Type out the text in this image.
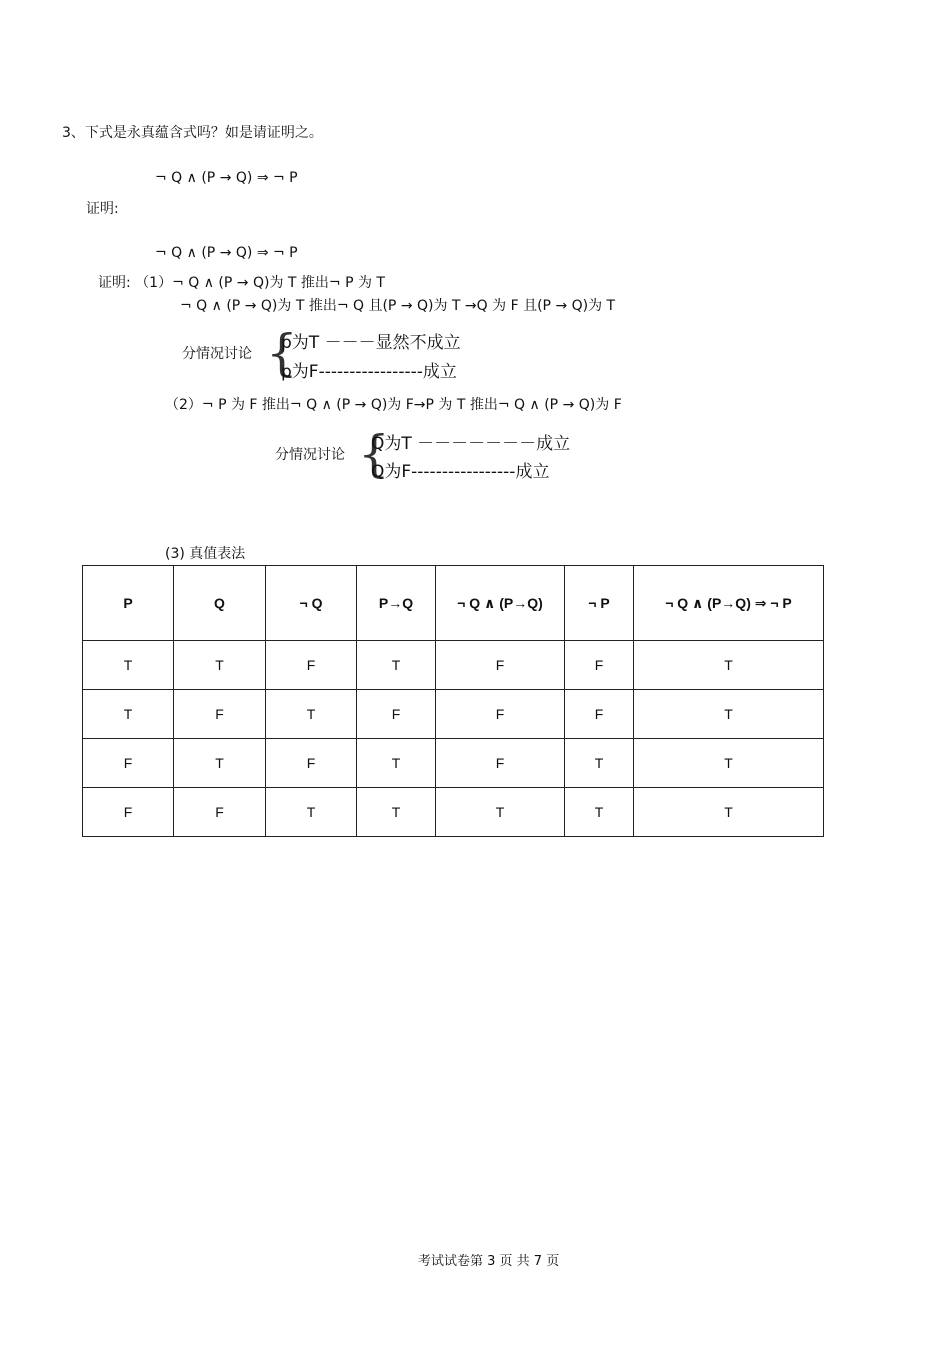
3、下式是永真蕴含式吗？如是请证明之。
¬ Q ∧ (P → Q) ⇒ ¬ P
证明:
¬ Q ∧ (P → Q) ⇒ ¬ P
证明: （1）¬ Q ∧ (P → Q)为 T 推出¬ P 为 T
¬ Q ∧ (P → Q)为 T 推出¬ Q 且(P → Q)为 T →Q 为 F 且(P → Q)为 T
分情况讨论 {
p为T －－－显然不成立
p为F-----------------成立
（2）¬ P 为 F 推出¬ Q ∧ (P → Q)为 F→P 为 T 推出¬ Q ∧ (P → Q)为 F
分情况讨论 {
Q为T －－－－－－－成立
Q为F-----------------成立
(3) 真值表法
P	Q	¬ Q	P→Q	¬ Q ∧ (P→Q)	¬ P	¬ Q ∧ (P→Q) ⇒ ¬ P
T	T	F	T	F	F	T
T	F	T	F	F	F	T
F	T	F	T	F	T	T
F	F	T	T	T	T	T
考试试卷第 3 页 共 7 页
